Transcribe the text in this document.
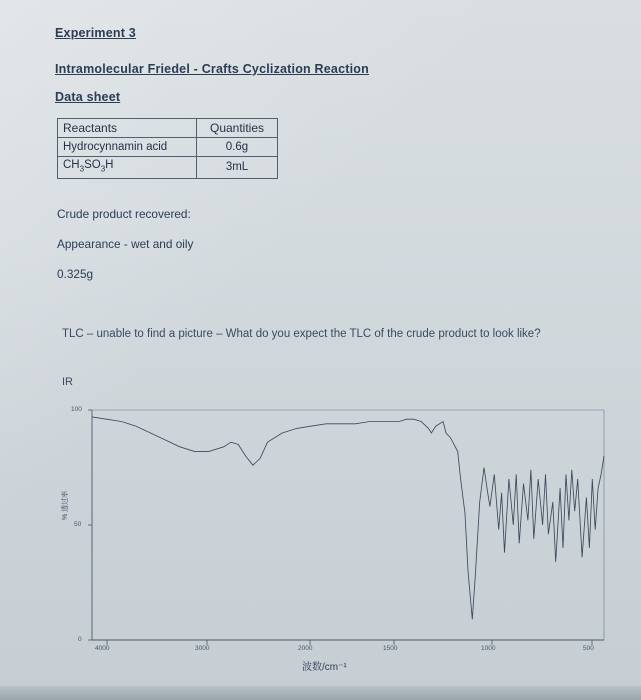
Experiment 3
Intramolecular Friedel - Crafts Cyclization Reaction
Data sheet
Reactants	Quantities
Hydrocynnamin acid	0.6g
$CH_3SO_3H$	3mL
Crude product recovered:
Appearance - wet and oily
0.325g
TLC – unable to find a picture – What do you expect the TLC of the crude product to look like?
IR
% 透过率
波数/cm⁻¹
100
50
0
4000	3000	2000	1500	1000	500
